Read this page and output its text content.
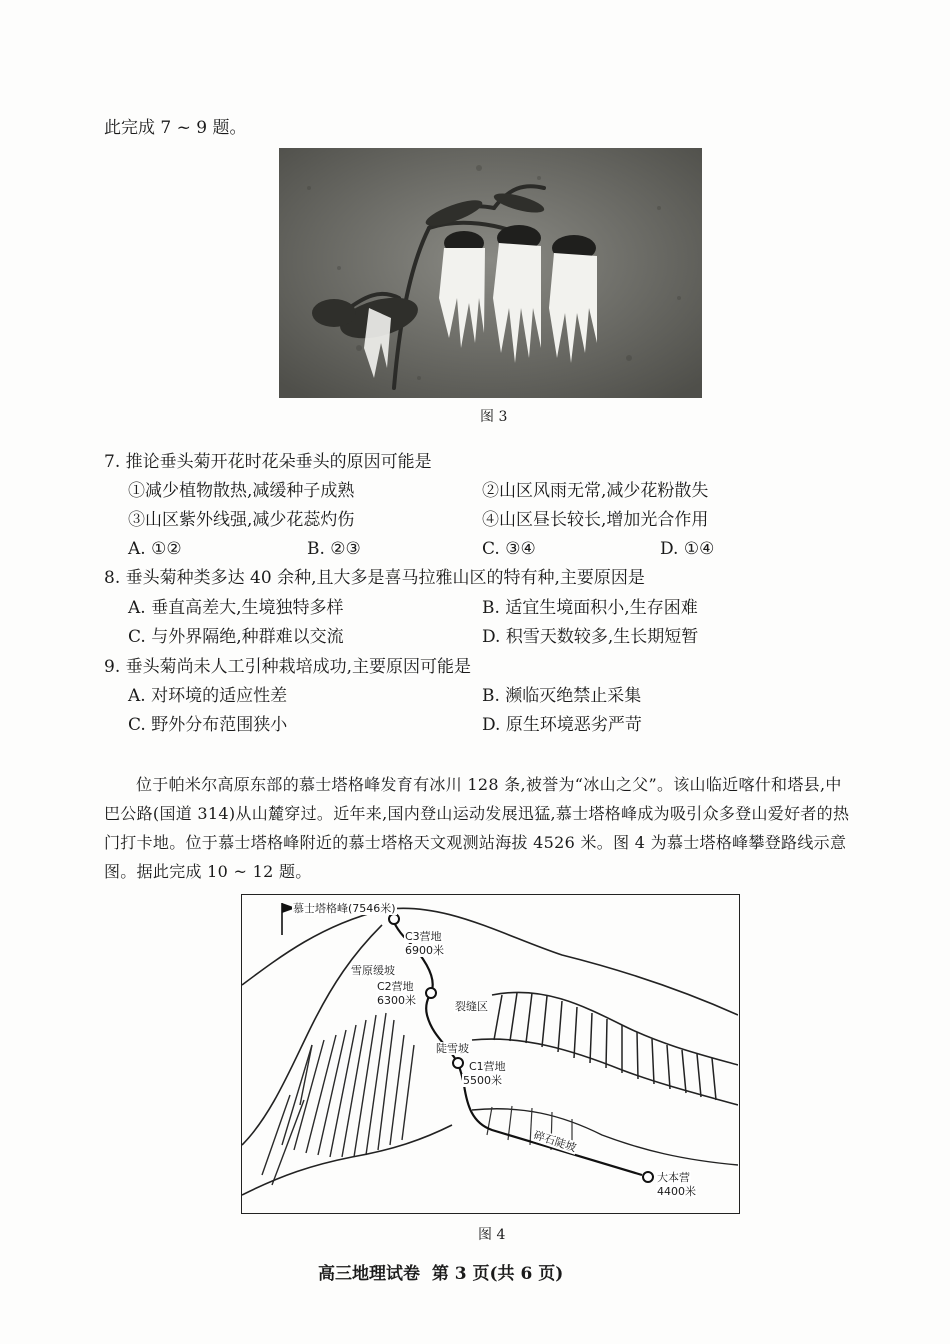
此完成 7 ~ 9 题。
图 3
7. 推论垂头菊开花时花朵垂头的原因可能是
①减少植物散热,减缓种子成熟	②山区风雨无常,减少花粉散失
③山区紫外线强,减少花蕊灼伤	④山区昼长较长,增加光合作用
A. ①②	B. ②③	C. ③④	D. ①④
8. 垂头菊种类多达 40 余种,且大多是喜马拉雅山区的特有种,主要原因是
A. 垂直高差大,生境独特多样	B. 适宜生境面积小,生存困难
C. 与外界隔绝,种群难以交流	D. 积雪天数较多,生长期短暂
9. 垂头菊尚未人工引种栽培成功,主要原因可能是
A. 对环境的适应性差	B. 濒临灭绝禁止采集
C. 野外分布范围狭小	D. 原生环境恶劣严苛
位于帕米尔高原东部的慕士塔格峰发育有冰川 128 条,被誉为“冰山之父”。该山临近喀什和塔县,中巴公路(国道 314)从山麓穿过。近年来,国内登山运动发展迅猛,慕士塔格峰成为吸引众多登山爱好者的热门打卡地。位于慕士塔格峰附近的慕士塔格天文观测站海拔 4526 米。图 4 为慕士塔格峰攀登路线示意图。据此完成 10 ~ 12 题。
慕士塔格峰(7546米)
C3营地
6900米
雪原缓坡
C2营地
6300米	裂缝区
陡雪坡
C1营地
5500米
碎石陡坡
大本营
4400米
图 4
高三地理试卷  第 3 页(共 6 页)
